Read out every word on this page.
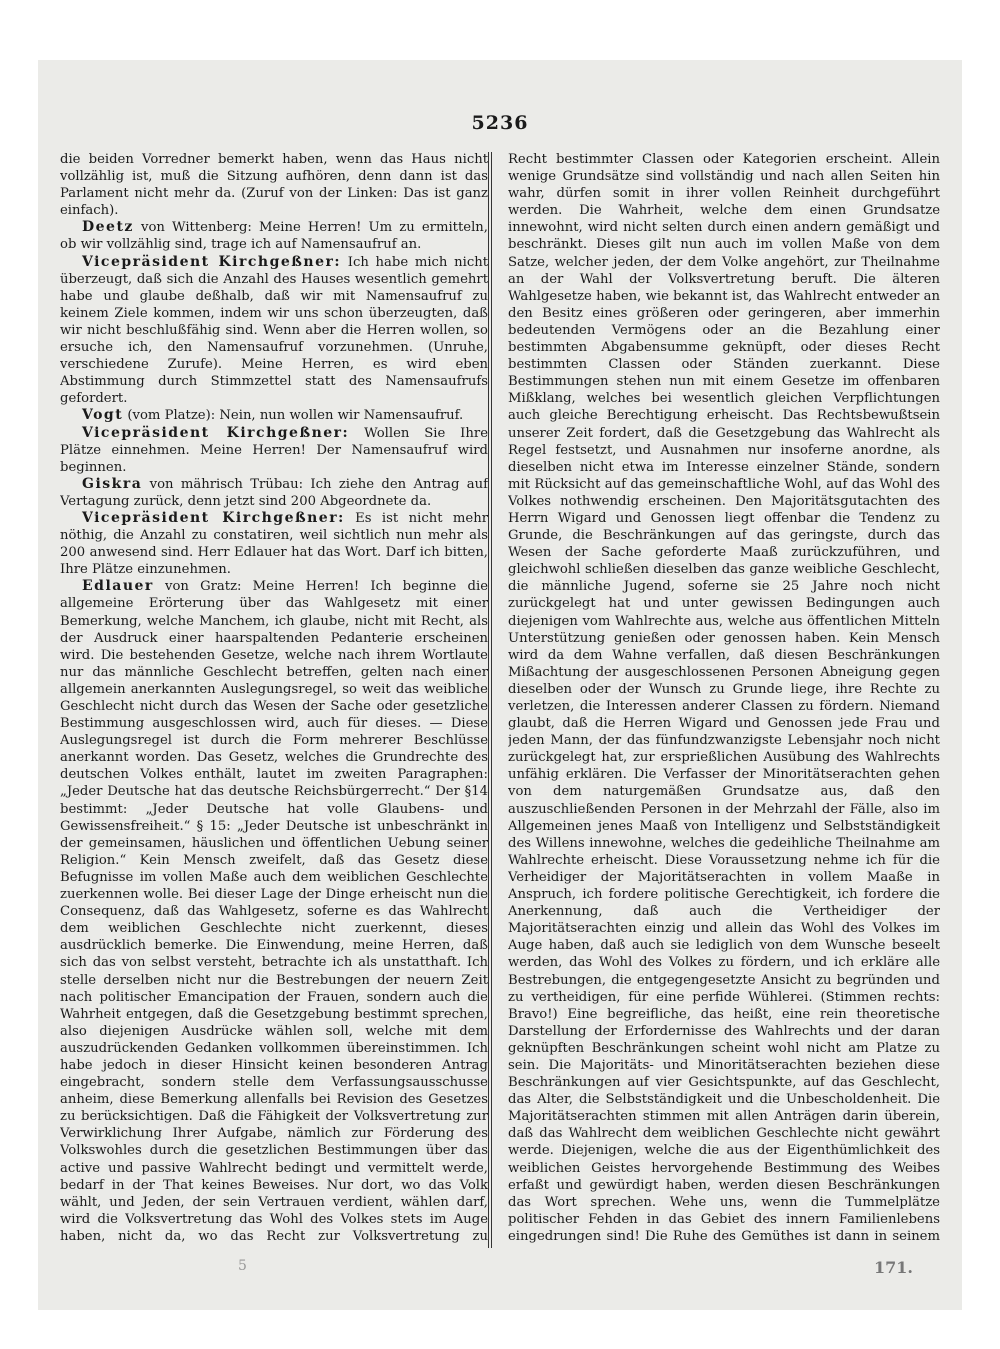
5236

die beiden Vorredner bemerkt haben, wenn das Haus nicht vollzählig ist, muß die Sitzung aufhören, denn dann ist das Parlament nicht mehr da. (Zuruf von der Linken: Das ist ganz einfach).

Deetz von Wittenberg: Meine Herren! Um zu ermitteln, ob wir vollzählig sind, trage ich auf Namensaufruf an.

Vicepräsident Kirchgeßner: Ich habe mich nicht überzeugt, daß sich die Anzahl des Hauses wesentlich gemehrt habe und glaube deßhalb, daß wir mit Namensaufruf zu keinem Ziele kommen, indem wir uns schon überzeugten, daß wir nicht beschlußfähig sind. Wenn aber die Herren wollen, so ersuche ich, den Namensaufruf vorzunehmen. (Unruhe, verschiedene Zurufe). Meine Herren, es wird eben Abstimmung durch Stimmzettel statt des Namensaufrufs gefordert.

Vogt (vom Platze): Nein, nun wollen wir Namensaufruf.

Vicepräsident Kirchgeßner: Wollen Sie Ihre Plätze einnehmen. Meine Herren! Der Namensaufruf wird beginnen.

Giskra von mährisch Trübau: Ich ziehe den Antrag auf Vertagung zurück, denn jetzt sind 200 Abgeordnete da.

Vicepräsident Kirchgeßner: Es ist nicht mehr nöthig, die Anzahl zu constatiren, weil sichtlich nun mehr als 200 anwesend sind. Herr Edlauer hat das Wort. Darf ich bitten, Ihre Plätze einzunehmen.

Edlauer von Gratz: Meine Herren! Ich beginne die allgemeine Erörterung über das Wahlgesetz mit einer Bemerkung, welche Manchem, ich glaube, nicht mit Recht, als der Ausdruck einer haarspaltenden Pedanterie erscheinen wird. Die bestehenden Gesetze, welche nach ihrem Wortlaute nur das männliche Geschlecht betreffen, gelten nach einer allgemein anerkannten Auslegungsregel, so weit das weibliche Geschlecht nicht durch das Wesen der Sache oder gesetzliche Bestimmung ausgeschlossen wird, auch für dieses. — Diese Auslegungsregel ist durch die Form mehrerer Beschlüsse anerkannt worden. Das Gesetz, welches die Grundrechte des deutschen Volkes enthält, lautet im zweiten Paragraphen: „Jeder Deutsche hat das deutsche Reichsbürgerrecht.“ Der §14 bestimmt: „Jeder Deutsche hat volle Glaubens- und Gewissensfreiheit.“ § 15: „Jeder Deutsche ist unbeschränkt in der gemeinsamen, häuslichen und öffentlichen Uebung seiner Religion.“ Kein Mensch zweifelt, daß das Gesetz diese Befugnisse im vollen Maße auch dem weiblichen Geschlechte zuerkennen wolle. Bei dieser Lage der Dinge erheischt nun die Consequenz, daß das Wahlgesetz, soferne es das Wahlrecht dem weiblichen Geschlechte nicht zuerkennt, dieses ausdrücklich bemerke. Die Einwendung, meine Herren, daß sich das von selbst versteht, betrachte ich als unstatthaft. Ich stelle derselben nicht nur die Bestrebungen der neuern Zeit nach politischer Emancipation der Frauen, sondern auch die Wahrheit entgegen, daß die Gesetzgebung bestimmt sprechen, also diejenigen Ausdrücke wählen soll, welche mit dem auszudrückenden Gedanken vollkommen übereinstimmen. Ich habe jedoch in dieser Hinsicht keinen besonderen Antrag eingebracht, sondern stelle dem Verfassungsausschusse anheim, diese Bemerkung allenfalls bei Revision des Gesetzes zu berücksichtigen. Daß die Fähigkeit der Volksvertretung zur Verwirklichung Ihrer Aufgabe, nämlich zur Förderung des Volkswohles durch die gesetzlichen Bestimmungen über das active und passive Wahlrecht bedingt und vermittelt werde, bedarf in der That keines Beweises. Nur dort, wo das Volk wählt, und Jeden, der sein Vertrauen verdient, wählen darf, wird die Volksvertretung das Wohl des Volkes stets im Auge haben, nicht da, wo das Recht zur Volksvertretung zu

Recht bestimmter Classen oder Kategorien erscheint. Allein wenige Grundsätze sind vollständig und nach allen Seiten hin wahr, dürfen somit in ihrer vollen Reinheit durchgeführt werden. Die Wahrheit, welche dem einen Grundsatze innewohnt, wird nicht selten durch einen andern gemäßigt und beschränkt. Dieses gilt nun auch im vollen Maße von dem Satze, welcher jeden, der dem Volke angehört, zur Theilnahme an der Wahl der Volksvertretung beruft. Die älteren Wahlgesetze haben, wie bekannt ist, das Wahlrecht entweder an den Besitz eines größeren oder geringeren, aber immerhin bedeutenden Vermögens oder an die Bezahlung einer bestimmten Abgabensumme geknüpft, oder dieses Recht bestimmten Classen oder Ständen zuerkannt. Diese Bestimmungen stehen nun mit einem Gesetze im offenbaren Mißklang, welches bei wesentlich gleichen Verpflichtungen auch gleiche Berechtigung erheischt. Das Rechtsbewußtsein unserer Zeit fordert, daß die Gesetzgebung das Wahlrecht als Regel festsetzt, und Ausnahmen nur insoferne anordne, als dieselben nicht etwa im Interesse einzelner Stände, sondern mit Rücksicht auf das gemeinschaftliche Wohl, auf das Wohl des Volkes nothwendig erscheinen. Den Majoritätsgutachten des Herrn Wigard und Genossen liegt offenbar die Tendenz zu Grunde, die Beschränkungen auf das geringste, durch das Wesen der Sache geforderte Maaß zurückzuführen, und gleichwohl schließen dieselben das ganze weibliche Geschlecht, die männliche Jugend, soferne sie 25 Jahre noch nicht zurückgelegt hat und unter gewissen Bedingungen auch diejenigen vom Wahlrechte aus, welche aus öffentlichen Mitteln Unterstützung genießen oder genossen haben. Kein Mensch wird da dem Wahne verfallen, daß diesen Beschränkungen Mißachtung der ausgeschlossenen Personen Abneigung gegen dieselben oder der Wunsch zu Grunde liege, ihre Rechte zu verletzen, die Interessen anderer Classen zu fördern. Niemand glaubt, daß die Herren Wigard und Genossen jede Frau und jeden Mann, der das fünfundzwanzigste Lebensjahr noch nicht zurückgelegt hat, zur ersprießlichen Ausübung des Wahlrechts unfähig erklären. Die Verfasser der Minoritätserachten gehen von dem naturgemäßen Grundsatze aus, daß den auszuschließenden Personen in der Mehrzahl der Fälle, also im Allgemeinen jenes Maaß von Intelligenz und Selbstständigkeit des Willens innewohne, welches die gedeihliche Theilnahme am Wahlrechte erheischt. Diese Voraussetzung nehme ich für die Verheidiger der Majoritätserachten in vollem Maaße in Anspruch, ich fordere politische Gerechtigkeit, ich fordere die Anerkennung, daß auch die Vertheidiger der Majoritätserachten einzig und allein das Wohl des Volkes im Auge haben, daß auch sie lediglich von dem Wunsche beseelt werden, das Wohl des Volkes zu fördern, und ich erkläre alle Bestrebungen, die entgegengesetzte Ansicht zu begründen und zu vertheidigen, für eine perfide Wühlerei. (Stimmen rechts: Bravo!) Eine begreifliche, das heißt, eine rein theoretische Darstellung der Erfordernisse des Wahlrechts und der daran geknüpften Beschränkungen scheint wohl nicht am Platze zu sein. Die Majoritäts- und Minoritätserachten beziehen diese Beschränkungen auf vier Gesichtspunkte, auf das Geschlecht, das Alter, die Selbstständigkeit und die Unbescholdenheit. Die Majoritätserachten stimmen mit allen Anträgen darin überein, daß das Wahlrecht dem weiblichen Geschlechte nicht gewährt werde. Diejenigen, welche die aus der Eigenthümlichkeit des weiblichen Geistes hervorgehende Bestimmung des Weibes erfaßt und gewürdigt haben, werden diesen Beschränkungen das Wort sprechen. Wehe uns, wenn die Tummelplätze politischer Fehden in das Gebiet des innern Familienlebens eingedrungen sind! Die Ruhe des Gemüthes ist dann in seinem

5	171.
